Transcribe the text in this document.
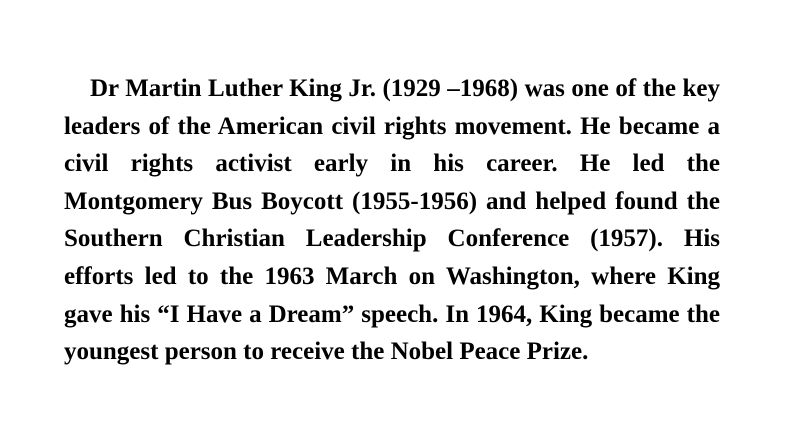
Dr Martin Luther King Jr. (1929 –1968) was one of the key leaders of the American civil rights movement. He became a civil rights activist early in his career. He led the Montgomery Bus Boycott (1955-1956) and helped found the Southern Christian Leadership Conference (1957). His efforts led to the 1963 March on Washington, where King gave his “I Have a Dream” speech. In 1964, King became the youngest person to receive the Nobel Peace Prize.
